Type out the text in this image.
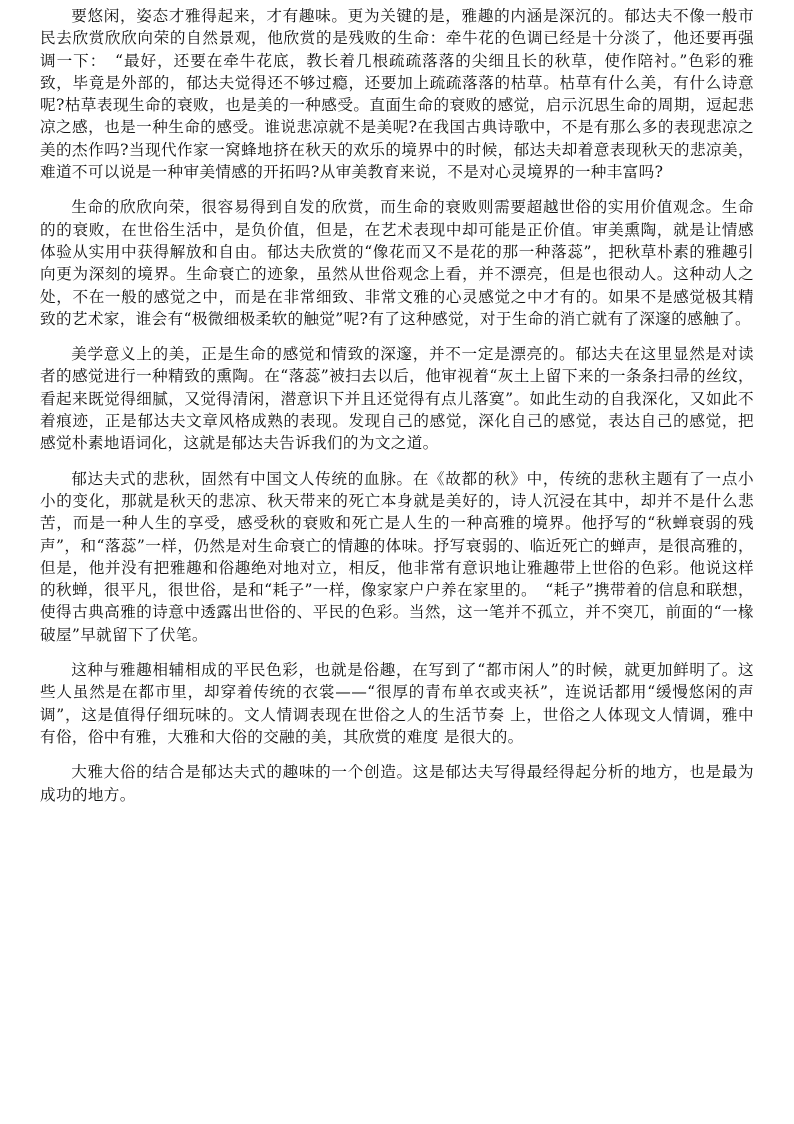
要悠闲，姿态才雅得起来，才有趣味。更为关键的是，雅趣的内涵是深沉的。郁达夫不像一般市民去欣赏欣欣向荣的自然景观，他欣赏的是残败的生命：牵牛花的色调已经是十分淡了，他还要再强调一下：　“最好，还要在牵牛花底，教长着几根疏疏落落的尖细且长的秋草，使作陪衬。”色彩的雅致，毕竟是外部的，郁达夫觉得还不够过瘾，还要加上疏疏落落的枯草。枯草有什么美，有什么诗意呢?枯草表现生命的衰败，也是美的一种感受。直面生命的衰败的感觉，启示沉思生命的周期，逗起悲凉之感，也是一种生命的感受。谁说悲凉就不是美呢?在我国古典诗歌中，不是有那么多的表现悲凉之美的杰作吗?当现代作家一窝蜂地挤在秋天的欢乐的境界中的时候，郁达夫却着意表现秋天的悲凉美，难道不可以说是一种审美情感的开拓吗?从审美教育来说，不是对心灵境界的一种丰富吗?

生命的欣欣向荣，很容易得到自发的欣赏，而生命的衰败则需要超越世俗的实用价值观念。生命的的衰败，在世俗生活中，是负价值，但是，在艺术表现中却可能是正价值。审美熏陶，就是让情感体验从实用中获得解放和自由。郁达夫欣赏的“像花而又不是花的那一种落蕊”，把秋草朴素的雅趣引向更为深刻的境界。生命衰亡的迹象，虽然从世俗观念上看，并不漂亮，但是也很动人。这种动人之处，不在一般的感觉之中，而是在非常细致、非常文雅的心灵感觉之中才有的。如果不是感觉极其精致的艺术家，谁会有“极微细极柔软的触觉”呢?有了这种感觉，对于生命的消亡就有了深邃的感触了。

美学意义上的美，正是生命的感觉和情致的深邃，并不一定是漂亮的。郁达夫在这里显然是对读者的感觉进行一种精致的熏陶。在“落蕊”被扫去以后，他审视着“灰土上留下来的一条条扫帚的丝纹，看起来既觉得细腻，又觉得清闲，潜意识下并且还觉得有点儿落寞”。如此生动的自我深化，又如此不着痕迹，正是郁达夫文章风格成熟的表现。发现自己的感觉，深化自己的感觉，表达自己的感觉，把感觉朴素地语词化，这就是郁达夫告诉我们的为文之道。

郁达夫式的悲秋，固然有中国文人传统的血脉。在《故都的秋》中，传统的悲秋主题有了一点小小的变化，那就是秋天的悲凉、秋天带来的死亡本身就是美好的，诗人沉浸在其中，却并不是什么悲苦，而是一种人生的享受，感受秋的衰败和死亡是人生的一种高雅的境界。他抒写的“秋蝉衰弱的残声”，和“落蕊”一样，仍然是对生命衰亡的情趣的体味。抒写衰弱的、临近死亡的蝉声，是很高雅的，但是，他并没有把雅趣和俗趣绝对地对立，相反，他非常有意识地让雅趣带上世俗的色彩。他说这样的秋蝉，很平凡，很世俗，是和“耗子”一样，像家家户户养在家里的。　“耗子”携带着的信息和联想，使得古典高雅的诗意中透露出世俗的、平民的色彩。当然，这一笔并不孤立，并不突兀，前面的“一椽破屋”早就留下了伏笔。

这种与雅趣相辅相成的平民色彩，也就是俗趣，在写到了“都市闲人”的时候，就更加鲜明了。这些人虽然是在都市里，却穿着传统的衣裳——“很厚的青布单衣或夹袄”，连说话都用“缓慢悠闲的声调”，这是值得仔细玩味的。文人情调表现在世俗之人的生活节奏 上，世俗之人体现文人情调，雅中有俗，俗中有雅，大雅和大俗的交融的美，其欣赏的难度 是很大的。

大雅大俗的结合是郁达夫式的趣味的一个创造。这是郁达夫写得最经得起分析的地方，也是最为成功的地方。
